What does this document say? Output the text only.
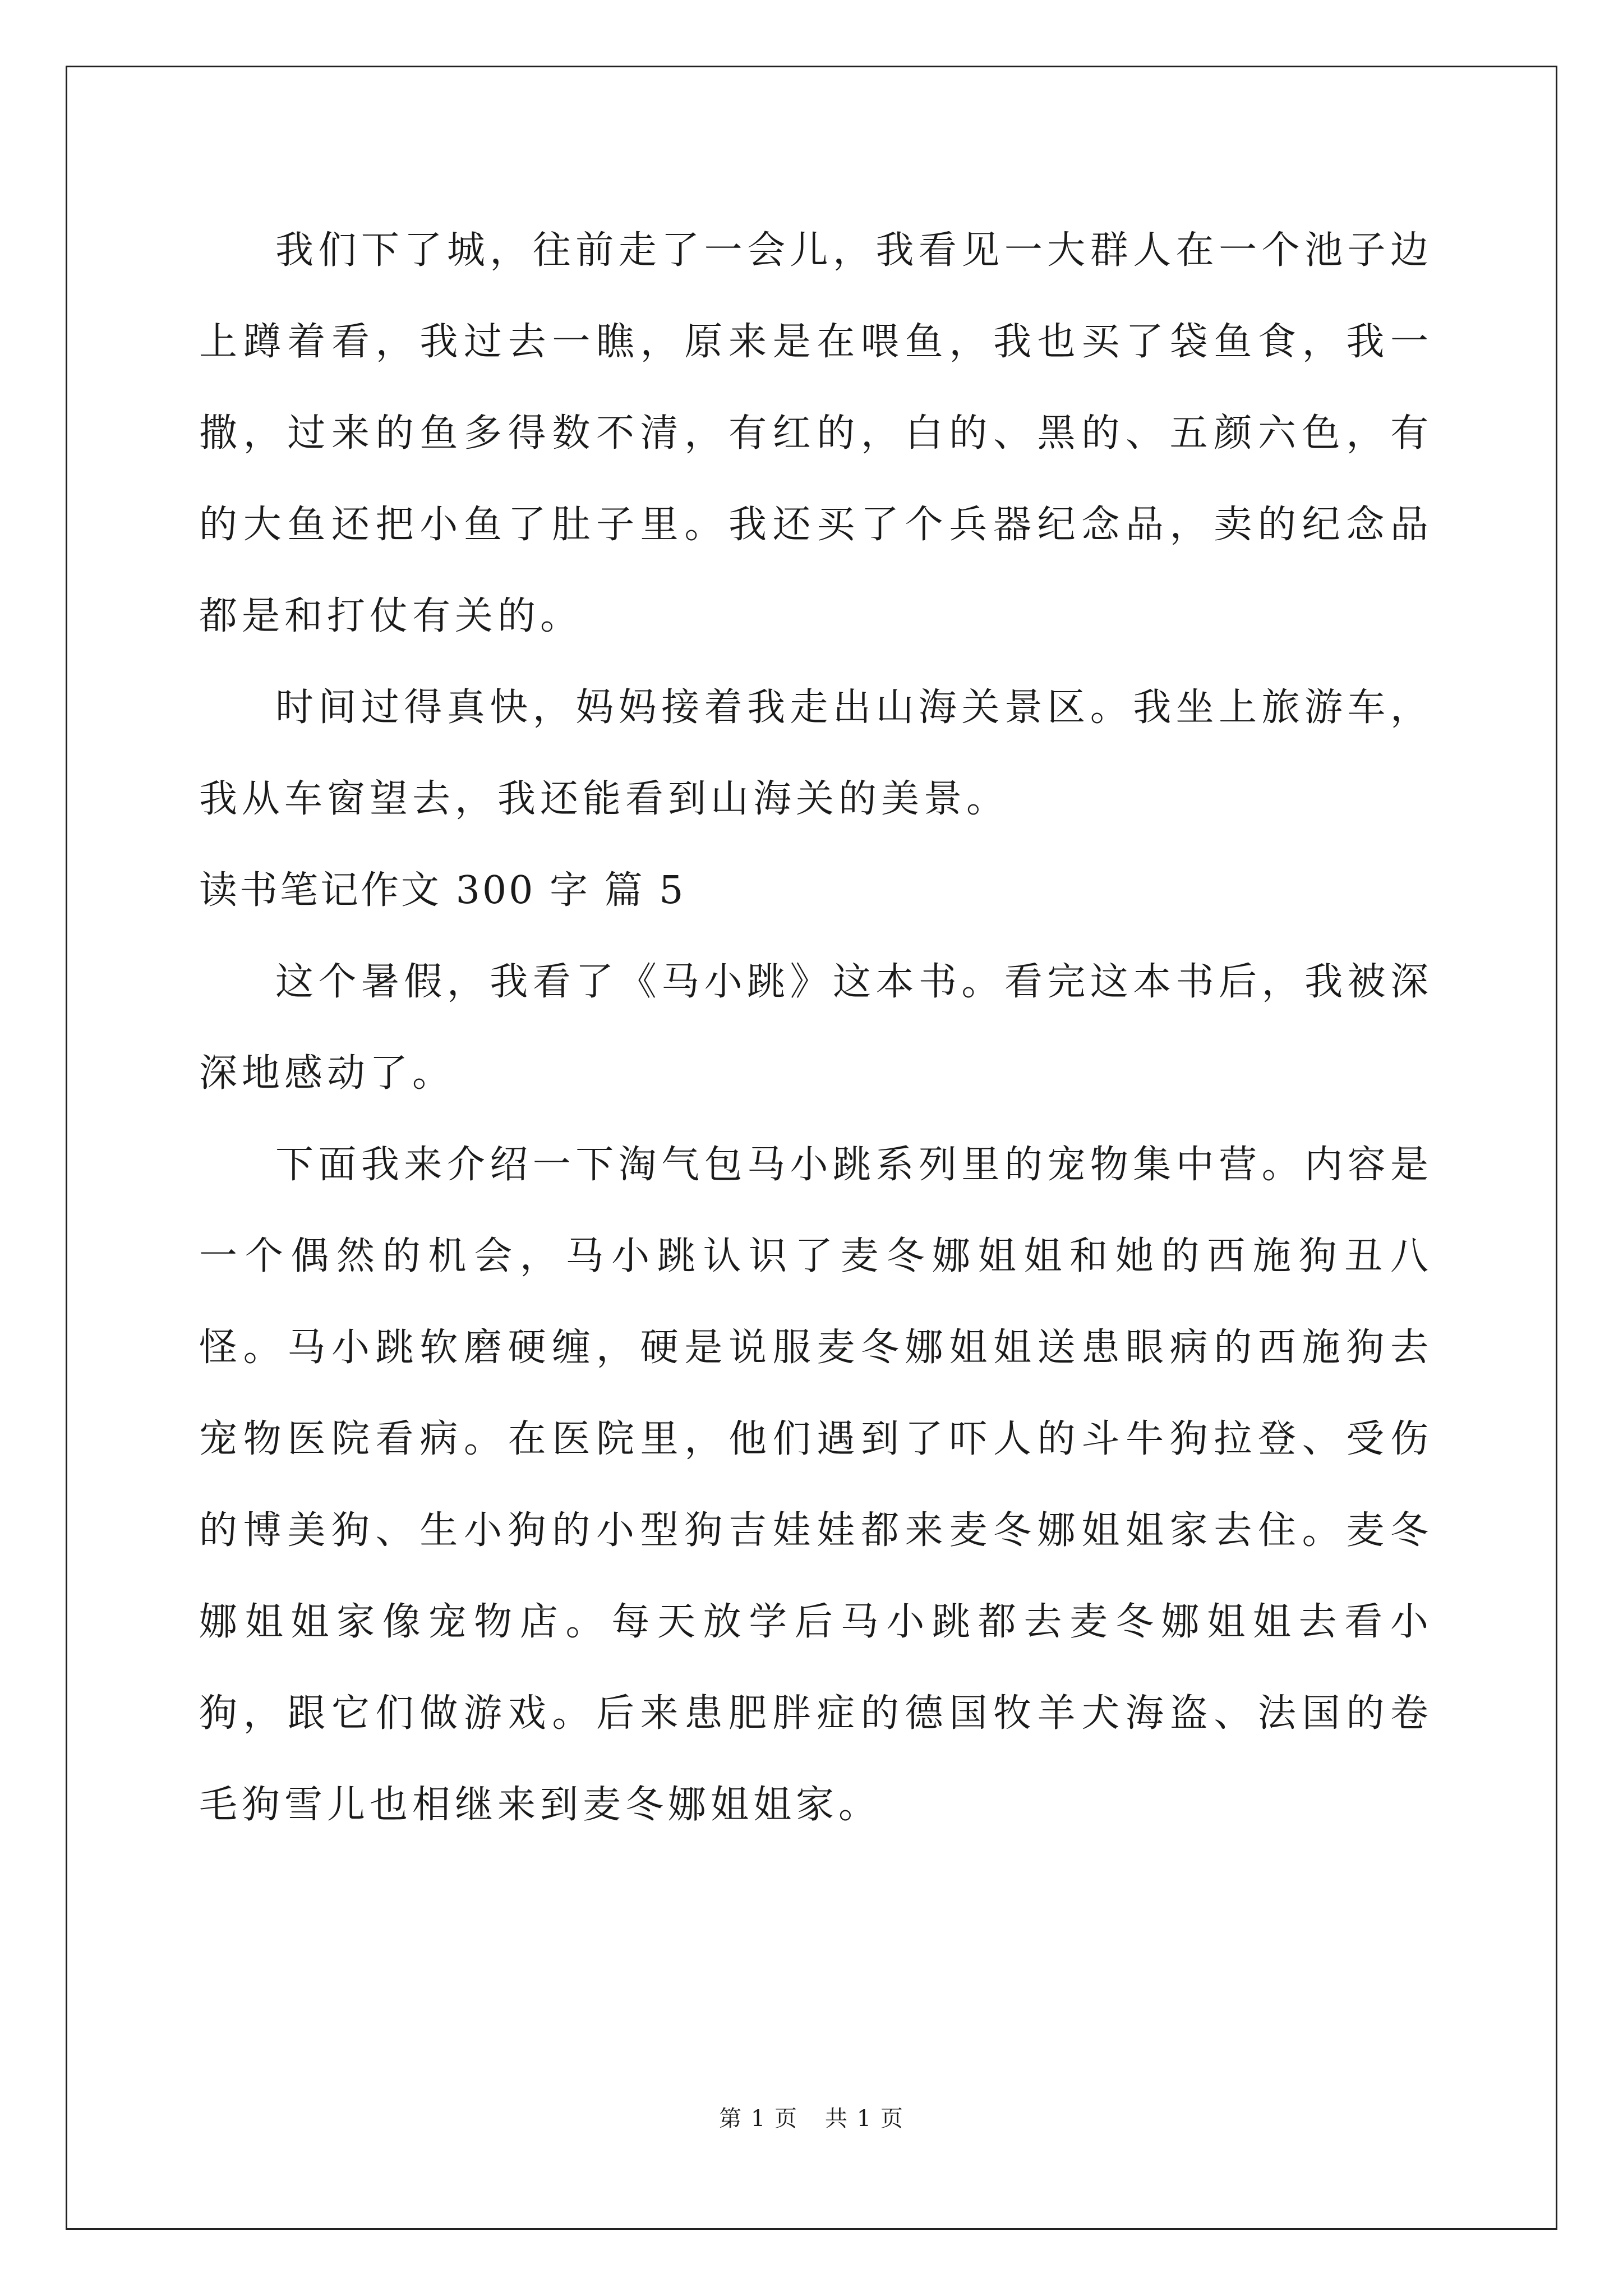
我们下了城，往前走了一会儿，我看见一大群人在一个池子边上蹲着看，我过去一瞧，原来是在喂鱼，我也买了袋鱼食，我一撒，过来的鱼多得数不清，有红的，白的、黑的、五颜六色，有的大鱼还把小鱼了肚子里。我还买了个兵器纪念品，卖的纪念品都是和打仗有关的。

时间过得真快，妈妈接着我走出山海关景区。我坐上旅游车，我从车窗望去，我还能看到山海关的美景。

读书笔记作文 300 字 篇 5

这个暑假，我看了《马小跳》这本书。看完这本书后，我被深深地感动了。

下面我来介绍一下淘气包马小跳系列里的宠物集中营。内容是一个偶然的机会，马小跳认识了麦冬娜姐姐和她的西施狗丑八怪。马小跳软磨硬缠，硬是说服麦冬娜姐姐送患眼病的西施狗去宠物医院看病。在医院里，他们遇到了吓人的斗牛狗拉登、受伤的博美狗、生小狗的小型狗吉娃娃都来麦冬娜姐姐家去住。麦冬娜姐姐家像宠物店。每天放学后马小跳都去麦冬娜姐姐去看小狗，跟它们做游戏。后来患肥胖症的德国牧羊犬海盗、法国的卷毛狗雪儿也相继来到麦冬娜姐姐家。

第 1 页 共 1 页
